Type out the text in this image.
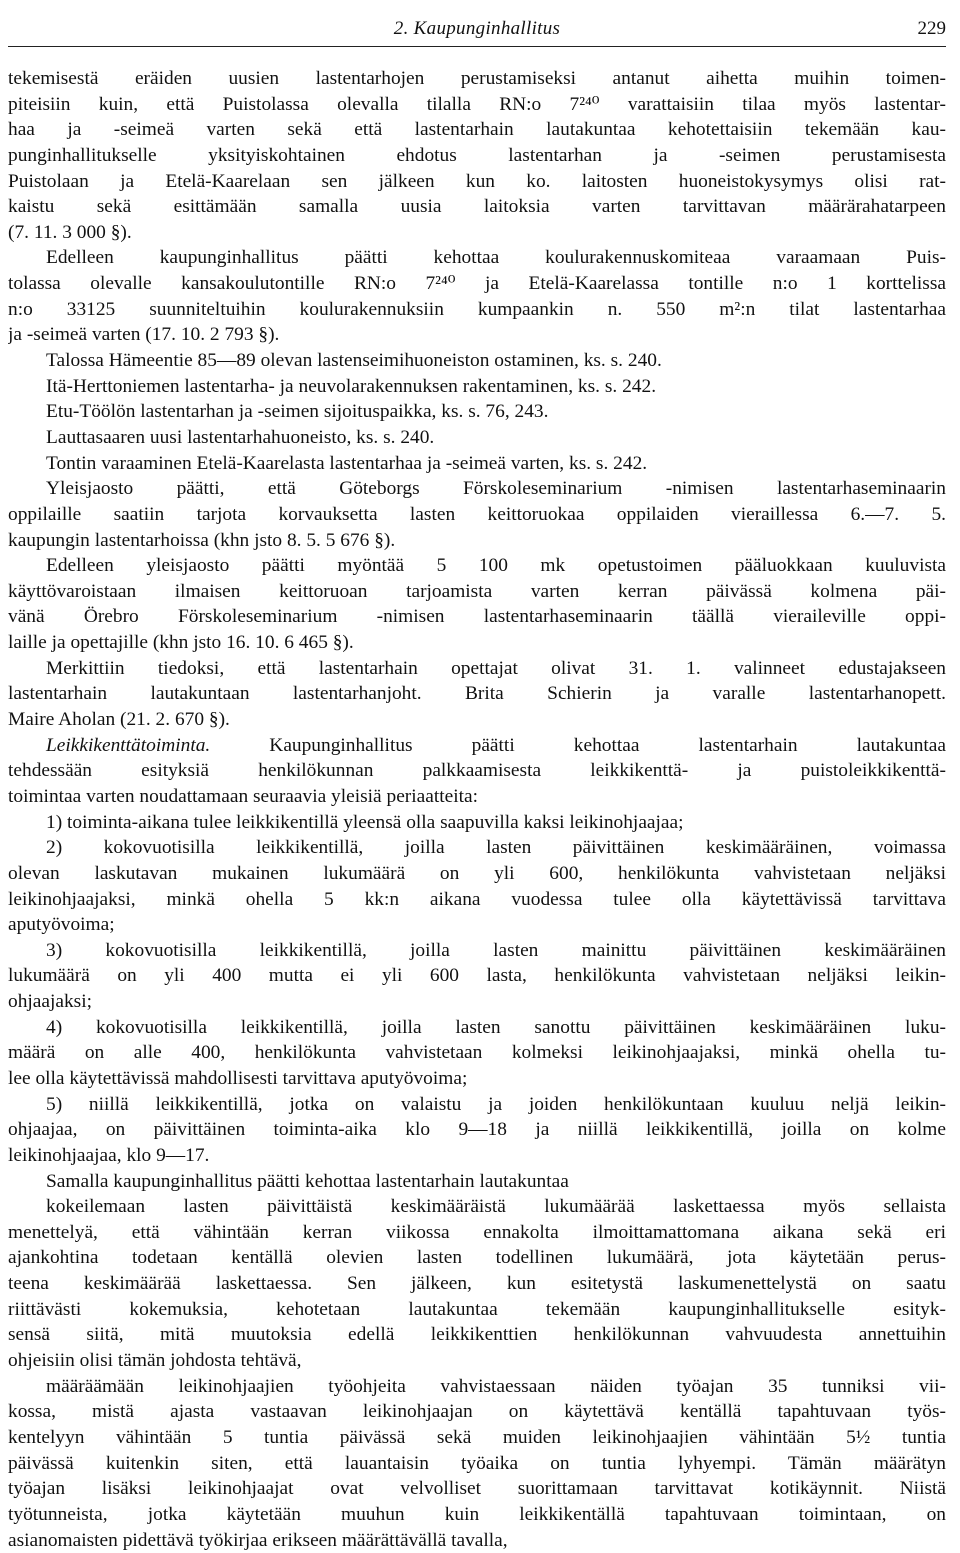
2. Kaupunginhallitus	229
tekemisestä eräiden uusien lastentarhojen perustamiseksi antanut aihetta muihin toimen-
piteisiin kuin, että Puistolassa olevalla tilalla RN:o 7²⁴⁰ varattaisiin tilaa myös lastentar-
haa ja -seimeä varten sekä että lastentarhain lautakuntaa kehotettaisiin tekemään kau-
punginhallitukselle yksityiskohtainen ehdotus lastentarhan ja -seimen perustamisesta
Puistolaan ja Etelä-Kaarelaan sen jälkeen kun ko. laitosten huoneistokysymys olisi rat-
kaistu sekä esittämään samalla uusia laitoksia varten tarvittavan määrärahatarpeen
(7. 11. 3 000 §).
Edelleen kaupunginhallitus päätti kehottaa koulurakennuskomiteaa varaamaan Puis-
tolassa olevalle kansakoulutontille RN:o 7²⁴⁰ ja Etelä-Kaarelassa tontille n:o 1 korttelissa
n:o 33125 suunniteltuihin koulurakennuksiin kumpaankin n. 550 m²:n tilat lastentarhaa
ja -seimeä varten (17. 10. 2 793 §).
Talossa Hämeentie 85—89 olevan lastenseimihuoneiston ostaminen, ks. s. 240.
Itä-Herttoniemen lastentarha- ja neuvolarakennuksen rakentaminen, ks. s. 242.
Etu-Töölön lastentarhan ja -seimen sijoituspaikka, ks. s. 76, 243.
Lauttasaaren uusi lastentarhahuoneisto, ks. s. 240.
Tontin varaaminen Etelä-Kaarelasta lastentarhaa ja -seimeä varten, ks. s. 242.
Yleisjaosto päätti, että Göteborgs Förskoleseminarium -nimisen lastentarhaseminaarin
oppilaille saatiin tarjota korvauksetta lasten keittoruokaa oppilaiden vieraillessa 6.—7. 5.
kaupungin lastentarhoissa (khn jsto 8. 5. 5 676 §).
Edelleen yleisjaosto päätti myöntää 5 100 mk opetustoimen pääluokkaan kuuluvista
käyttövaroistaan ilmaisen keittoruoan tarjoamista varten kerran päivässä kolmena päi-
vänä Örebro Förskoleseminarium -nimisen lastentarhaseminaarin täällä vieraileville oppi-
laille ja opettajille (khn jsto 16. 10. 6 465 §).
Merkittiin tiedoksi, että lastentarhain opettajat olivat 31. 1. valinneet edustajakseen
lastentarhain lautakuntaan lastentarhanjoht. Brita Schierin ja varalle lastentarhanopett.
Maire Aholan (21. 2. 670 §).
Leikkikenttätoiminta. Kaupunginhallitus päätti kehottaa lastentarhain lautakuntaa
tehdessään esityksiä henkilökunnan palkkaamisesta leikkikenttä- ja puistoleikkikenttä-
toimintaa varten noudattamaan seuraavia yleisiä periaatteita:
1) toiminta-aikana tulee leikkikentillä yleensä olla saapuvilla kaksi leikinohjaajaa;
2) kokovuotisilla leikkikentillä, joilla lasten päivittäinen keskimääräinen, voimassa
olevan laskutavan mukainen lukumäärä on yli 600, henkilökunta vahvistetaan neljäksi
leikinohjaajaksi, minkä ohella 5 kk:n aikana vuodessa tulee olla käytettävissä tarvittava
aputyövoima;
3) kokovuotisilla leikkikentillä, joilla lasten mainittu päivittäinen keskimääräinen
lukumäärä on yli 400 mutta ei yli 600 lasta, henkilökunta vahvistetaan neljäksi leikin-
ohjaajaksi;
4) kokovuotisilla leikkikentillä, joilla lasten sanottu päivittäinen keskimääräinen luku-
määrä on alle 400, henkilökunta vahvistetaan kolmeksi leikinohjaajaksi, minkä ohella tu-
lee olla käytettävissä mahdollisesti tarvittava aputyövoima;
5) niillä leikkikentillä, jotka on valaistu ja joiden henkilökuntaan kuuluu neljä leikin-
ohjaajaa, on päivittäinen toiminta-aika klo 9—18 ja niillä leikkikentillä, joilla on kolme
leikinohjaajaa, klo 9—17.
Samalla kaupunginhallitus päätti kehottaa lastentarhain lautakuntaa
kokeilemaan lasten päivittäistä keskimääräistä lukumäärää laskettaessa myös sellaista
menettelyä, että vähintään kerran viikossa ennakolta ilmoittamattomana aikana sekä eri
ajankohtina todetaan kentällä olevien lasten todellinen lukumäärä, jota käytetään perus-
teena keskimäärää laskettaessa. Sen jälkeen, kun esitetystä laskumenettelystä on saatu
riittävästi kokemuksia, kehotetaan lautakuntaa tekemään kaupunginhallitukselle esityk-
sensä siitä, mitä muutoksia edellä leikkikenttien henkilökunnan vahvuudesta annettuihin
ohjeisiin olisi tämän johdosta tehtävä,
määräämään leikinohjaajien työohjeita vahvistaessaan näiden työajan 35 tunniksi vii-
kossa, mistä ajasta vastaavan leikinohjaajan on käytettävä kentällä tapahtuvaan työs-
kentelyyn vähintään 5 tuntia päivässä sekä muiden leikinohjaajien vähintään 5½ tuntia
päivässä kuitenkin siten, että lauantaisin työaika on tuntia lyhyempi. Tämän määrätyn
työajan lisäksi leikinohjaajat ovat velvolliset suorittamaan tarvittavat kotikäynnit. Niistä
työtunneista, jotka käytetään muuhun kuin leikkikentällä tapahtuvaan toimintaan, on
asianomaisten pidettävä työkirjaa erikseen määrättävällä tavalla,
